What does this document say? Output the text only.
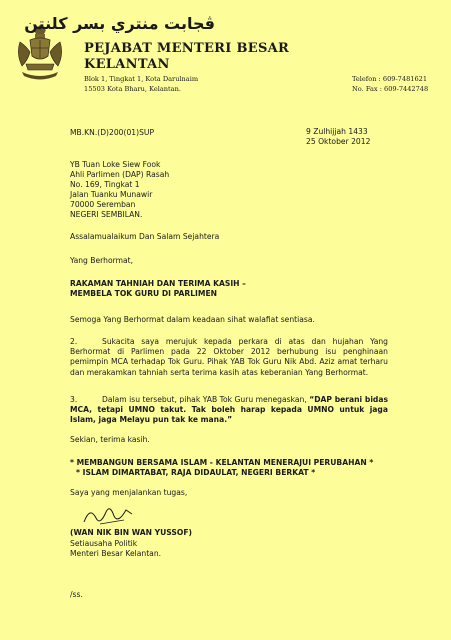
ڤجابت منتري بسر كلنتن
PEJABAT MENTERI BESAR
KELANTAN
Blok 1, Tingkat 1, Kota Darulnaim
15503 Kota Bharu, Kelantan.
Telefon : 609-7481621
No. Fax : 609-7442748
MB.KN.(D)200(01)SUP	9 Zulhijjah 1433
25 Oktober 2012
YB Tuan Loke Siew Fook
Ahli Parlimen (DAP) Rasah
No. 169, Tingkat 1
Jalan Tuanku Munawir
70000 Seremban
NEGERI SEMBILAN.
Assalamualaikum Dan Salam Sejahtera
Yang Berhormat,
RAKAMAN TAHNIAH DAN TERIMA KASIH –
MEMBELA TOK GURU DI PARLIMEN
Semoga Yang Berhormat dalam keadaan sihat walafiat sentiasa.
2.	Sukacita saya merujuk kepada perkara di atas dan hujahan Yang Berhormat di Parlimen pada 22 Oktober 2012 berhubung isu penghinaan pemimpin MCA terhadap Tok Guru. Pihak YAB Tok Guru Nik Abd. Aziz amat terharu dan merakamkan tahniah serta terima kasih atas keberanian Yang Berhormat.
3.	Dalam isu tersebut, pihak YAB Tok Guru menegaskan, “DAP berani bidas MCA, tetapi UMNO takut. Tak boleh harap kepada UMNO untuk jaga Islam, jaga Melayu pun tak ke mana.”
Sekian, terima kasih.
* MEMBANGUN BERSAMA ISLAM - KELANTAN MENERAJUI PERUBAHAN *
* ISLAM DIMARTABAT, RAJA DIDAULAT, NEGERI BERKAT *
Saya yang menjalankan tugas,
(WAN NIK BIN WAN YUSSOF)
Setiausaha Politik
Menteri Besar Kelantan.
/ss.
